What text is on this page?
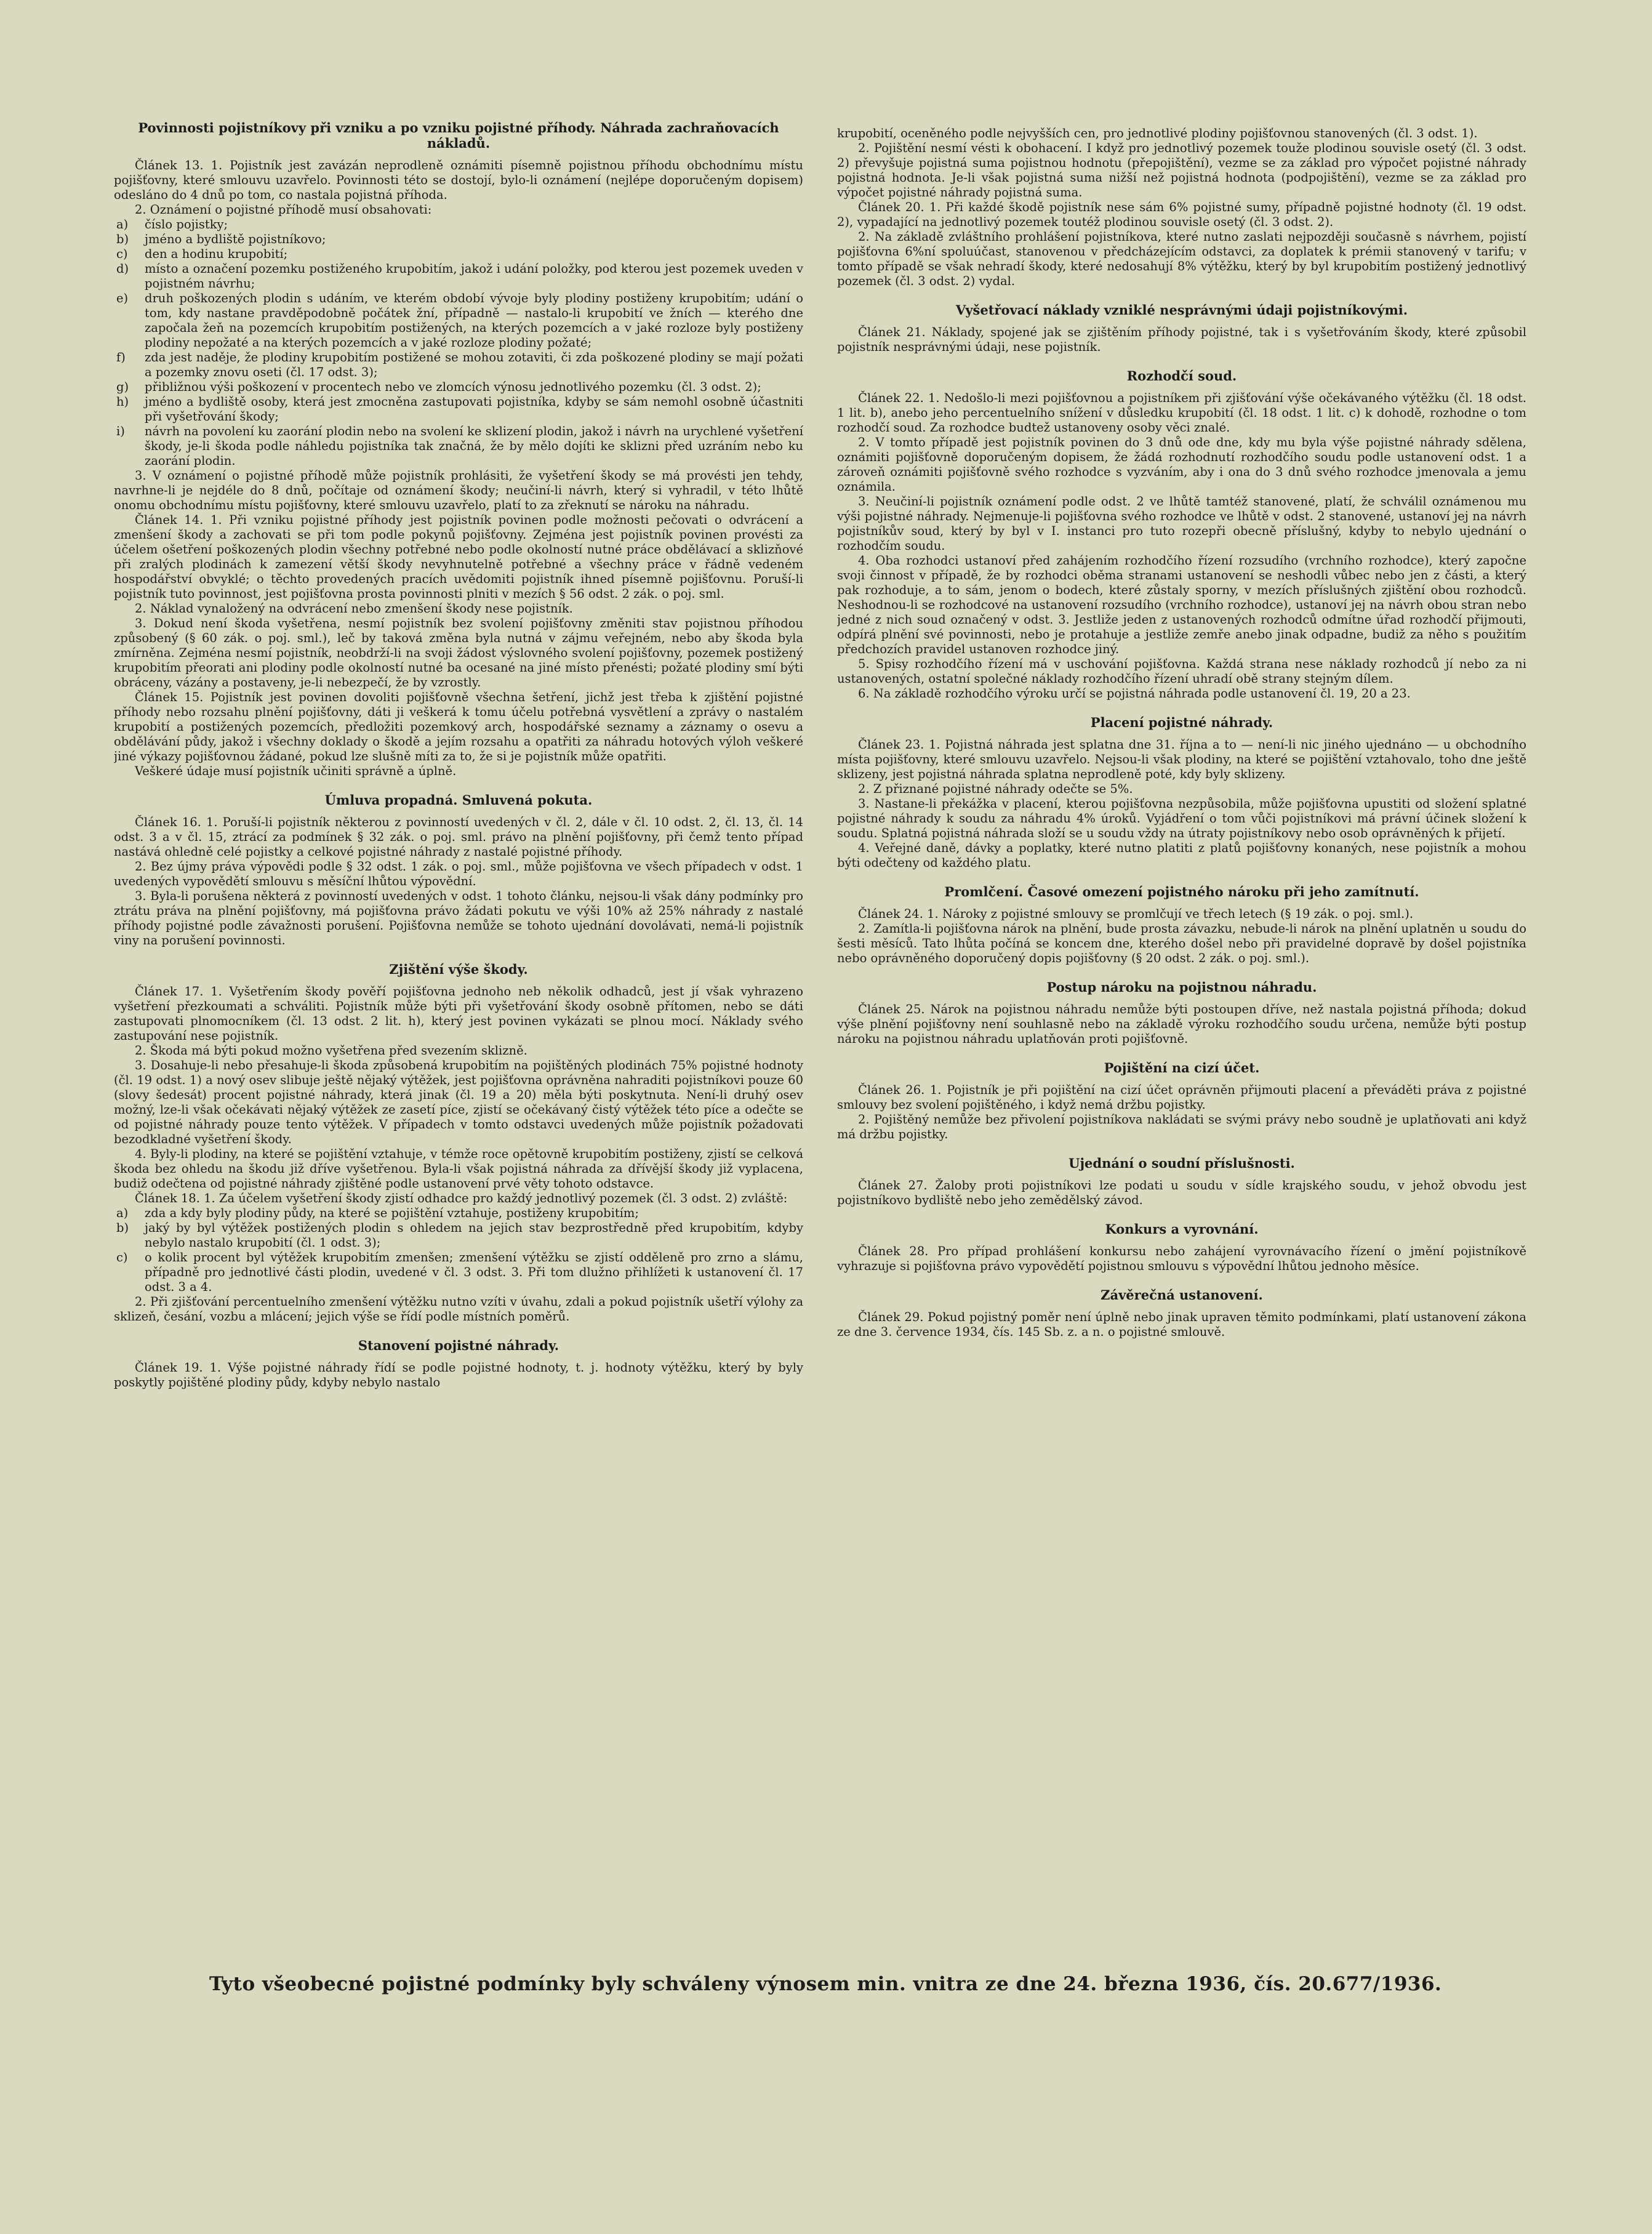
Povinnosti pojistníkovy při vzniku a po vzniku pojistné příhody. Náhrada zachraňovacích nákladů.

Článek 13. 1. Pojistník jest zavázán neprodleně oznámiti písemně pojistnou příhodu obchodnímu místu pojišťovny, které smlouvu uzavřelo. Povinnosti této se dostojí, bylo-li oznámení (nejlépe doporučeným dopisem) odesláno do 4 dnů po tom, co nastala pojistná příhoda.

2. Oznámení o pojistné příhodě musí obsahovati:

a) číslo pojistky;
b) jméno a bydliště pojistníkovo;
c) den a hodinu krupobití;
d) místo a označení pozemku postiženého krupobitím, jakož i udání položky, pod kterou jest pozemek uveden v pojistném návrhu;
e) druh poškozených plodin s udáním, ve kterém období vývoje byly plodiny postiženy krupobitím; udání o tom, kdy nastane pravděpodobně počátek žní, případně — nastalo-li krupobití ve žních — kterého dne započala žeň na pozemcích krupobitím postižených, na kterých pozemcích a v jaké rozloze byly postiženy plodiny nepožaté a na kterých pozemcích a v jaké rozloze plodiny požaté;
f) zda jest naděje, že plodiny krupobitím postižené se mohou zotaviti, či zda poškozené plodiny se mají požati a pozemky znovu oseti (čl. 17 odst. 3);
g) přibližnou výši poškození v procentech nebo ve zlomcích výnosu jednotlivého pozemku (čl. 3 odst. 2);
h) jméno a bydliště osoby, která jest zmocněna zastupovati pojistníka, kdyby se sám nemohl osobně účastniti při vyšetřování škody;
i) návrh na povolení ku zaorání plodin nebo na svolení ke sklizení plodin, jakož i návrh na urychlené vyšetření škody, je-li škoda podle náhledu pojistníka tak značná, že by mělo dojíti ke sklizni před uzráním nebo ku zaorání plodin.

3. V oznámení o pojistné příhodě může pojistník prohlásiti, že vyšetření škody se má provésti jen tehdy, navrhne-li je nejdéle do 8 dnů, počítaje od oznámení škody; neučiní-li návrh, který si vyhradil, v této lhůtě onomu obchodnímu místu pojišťovny, které smlouvu uzavřelo, platí to za zřeknutí se nároku na náhradu.

Článek 14. 1. Při vzniku pojistné příhody jest pojistník povinen podle možnosti pečovati o odvrácení a zmenšení škody a zachovati se při tom podle pokynů pojišťovny. Zejména jest pojistník povinen provésti za účelem ošetření poškozených plodin všechny potřebné nebo podle okolností nutné práce obdělávací a sklizňové při zralých plodinách k zamezení větší škody nevyhnutelně potřebné a všechny práce v řádně vedeném hospodářství obvyklé; o těchto provedených pracích uvědomiti pojistník ihned písemně pojišťovnu. Poruší-li pojistník tuto povinnost, jest pojišťovna prosta povinnosti plniti v mezích § 56 odst. 2 zák. o poj. sml.

2. Náklad vynaložený na odvrácení nebo zmenšení škody nese pojistník.

3. Dokud není škoda vyšetřena, nesmí pojistník bez svolení pojišťovny změniti stav pojistnou příhodou způsobený (§ 60 zák. o poj. sml.), leč by taková změna byla nutná v zájmu veřejném, nebo aby škoda byla zmírněna. Zejména nesmí pojistník, neobdrží-li na svoji žádost výslovného svolení pojišťovny, pozemek postižený krupobitím přeorati ani plodiny podle okolností nutné ba ocesané na jiné místo přenésti; požaté plodiny smí býti obráceny, vázány a postaveny, je-li nebezpečí, že by vzrostly.

Článek 15. Pojistník jest povinen dovoliti pojišťovně všechna šetření, jichž jest třeba k zjištění pojistné příhody nebo rozsahu plnění pojišťovny, dáti ji veškerá k tomu účelu potřebná vysvětlení a zprávy o nastalém krupobití a postižených pozemcích, předložiti pozemkový arch, hospodářské seznamy a záznamy o osevu a obdělávání půdy, jakož i všechny doklady o škodě a jejím rozsahu a opatřiti za náhradu hotových výloh veškeré jiné výkazy pojišťovnou žádané, pokud lze slušně míti za to, že si je pojistník může opatřiti.

Veškeré údaje musí pojistník učiniti správně a úplně.

Úmluva propadná. Smluvená pokuta.

Článek 16. 1. Poruší-li pojistník některou z povinností uvedených v čl. 2, dále v čl. 10 odst. 2, čl. 13, čl. 14 odst. 3 a v čl. 15, ztrácí za podmínek § 32 zák. o poj. sml. právo na plnění pojišťovny, při čemž tento případ nastává ohledně celé pojistky a celkové pojistné náhrady z nastalé pojistné příhody.

2. Bez újmy práva výpovědi podle § 32 odst. 1 zák. o poj. sml., může pojišťovna ve všech případech v odst. 1 uvedených vypovědětí smlouvu s měsíční lhůtou výpovědní.

3. Byla-li porušena některá z povinností uvedených v odst. 1 tohoto článku, nejsou-li však dány podmínky pro ztrátu práva na plnění pojišťovny, má pojišťovna právo žádati pokutu ve výši 10% až 25% náhrady z nastalé příhody pojistné podle závažnosti porušení. Pojišťovna nemůže se tohoto ujednání dovolávati, nemá-li pojistník viny na porušení povinnosti.

Zjištění výše škody.

Článek 17. 1. Vyšetřením škody pověří pojišťovna jednoho neb několik odhadců, jest jí však vyhrazeno vyšetření přezkoumati a schváliti. Pojistník může býti při vyšetřování škody osobně přítomen, nebo se dáti zastupovati plnomocníkem (čl. 13 odst. 2 lit. h), který jest povinen vykázati se plnou mocí. Náklady svého zastupování nese pojistník.

2. Škoda má býti pokud možno vyšetřena před svezením sklizně.

3. Dosahuje-li nebo přesahuje-li škoda způsobená krupobitím na pojištěných plodinách 75% pojistné hodnoty (čl. 19 odst. 1) a nový osev slibuje ještě nějaký výtěžek, jest pojišťovna oprávněna nahraditi pojistníkovi pouze 60 (slovy šedesát) procent pojistné náhrady, která jinak (čl. 19 a 20) měla býti poskytnuta. Není-li druhý osev možný, lze-li však očekávati nějaký výtěžek ze zasetí píce, zjistí se očekávaný čistý výtěžek této píce a odečte se od pojistné náhrady pouze tento výtěžek. V případech v tomto odstavci uvedených může pojistník požadovati bezodkladné vyšetření škody.

4. Byly-li plodiny, na které se pojištění vztahuje, v témže roce opětovně krupobitím postiženy, zjistí se celková škoda bez ohledu na škodu již dříve vyšetřenou. Byla-li však pojistná náhrada za dřívější škody již vyplacena, budiž odečtena od pojistné náhrady zjištěné podle ustanovení prvé věty tohoto odstavce.

Článek 18. 1. Za účelem vyšetření škody zjistí odhadce pro každý jednotlivý pozemek (čl. 3 odst. 2) zvláště:

a) zda a kdy byly plodiny půdy, na které se pojištění vztahuje, postiženy krupobitím;
b) jaký by byl výtěžek postižených plodin s ohledem na jejich stav bezprostředně před krupobitím, kdyby nebylo nastalo krupobití (čl. 1 odst. 3);
c) o kolik procent byl výtěžek krupobitím zmenšen; zmenšení výtěžku se zjistí odděleně pro zrno a slámu, případně pro jednotlivé části plodin, uvedené v čl. 3 odst. 3. Při tom dlužno přihlížeti k ustanovení čl. 17 odst. 3 a 4.

2. Při zjišťování percentuelního zmenšení výtěžku nutno vzíti v úvahu, zdali a pokud pojistník ušetří výlohy za sklizeň, česání, vozbu a mlácení; jejich výše se řídí podle místních poměrů.

Stanovení pojistné náhrady.

Článek 19. 1. Výše pojistné náhrady řídí se podle pojistné hodnoty, t. j. hodnoty výtěžku, který by byly poskytly pojištěné plodiny půdy, kdyby nebylo nastalo

krupobití, oceněného podle nejvyšších cen, pro jednotlivé plodiny pojišťovnou stanovených (čl. 3 odst. 1).

2. Pojištění nesmí vésti k obohacení. I když pro jednotlivý pozemek touže plodinou souvisle osetý (čl. 3 odst. 2) převyšuje pojistná suma pojistnou hodnotu (přepojištění), vezme se za základ pro výpočet pojistné náhrady pojistná hodnota. Je-li však pojistná suma nižší než pojistná hodnota (podpojištění), vezme se za základ pro výpočet pojistné náhrady pojistná suma.

Článek 20. 1. Při každé škodě pojistník nese sám 6% pojistné sumy, případně pojistné hodnoty (čl. 19 odst. 2), vypadající na jednotlivý pozemek toutéž plodinou souvisle osetý (čl. 3 odst. 2).

2. Na základě zvláštního prohlášení pojistníkova, které nutno zaslati nejpozději současně s návrhem, pojistí pojišťovna 6%ní spoluúčast, stanovenou v předcházejícím odstavci, za doplatek k prémii stanovený v tarifu; v tomto případě se však nehradí škody, které nedosahují 8% výtěžku, který by byl krupobitím postižený jednotlivý pozemek (čl. 3 odst. 2) vydal.

Vyšetřovací náklady vzniklé nesprávnými údaji pojistníkovými.

Článek 21. Náklady, spojené jak se zjištěním příhody pojistné, tak i s vyšetřováním škody, které způsobil pojistník nesprávnými údaji, nese pojistník.

Rozhodčí soud.

Článek 22. 1. Nedošlo-li mezi pojišťovnou a pojistníkem při zjišťování výše očekávaného výtěžku (čl. 18 odst. 1 lit. b), anebo jeho percentuelního snížení v důsledku krupobití (čl. 18 odst. 1 lit. c) k dohodě, rozhodne o tom rozhodčí soud. Za rozhodce budtež ustanoveny osoby věci znalé.

2. V tomto případě jest pojistník povinen do 3 dnů ode dne, kdy mu byla výše pojistné náhrady sdělena, oznámiti pojišťovně doporučeným dopisem, že žádá rozhodnutí rozhodčího soudu podle ustanovení odst. 1 a zároveň oznámiti pojišťovně svého rozhodce s vyzváním, aby i ona do 3 dnů svého rozhodce jmenovala a jemu oznámila.

3. Neučiní-li pojistník oznámení podle odst. 2 ve lhůtě tamtéž stanovené, platí, že schválil oznámenou mu výši pojistné náhrady. Nejmenuje-li pojišťovna svého rozhodce ve lhůtě v odst. 2 stanovené, ustanoví jej na návrh pojistníkův soud, který by byl v I. instanci pro tuto rozepři obecně příslušný, kdyby to nebylo ujednání o rozhodčím soudu.

4. Oba rozhodci ustanoví před zahájením rozhodčího řízení rozsudího (vrchního rozhodce), který započne svoji činnost v případě, že by rozhodci oběma stranami ustanovení se neshodli vůbec nebo jen z části, a který pak rozhoduje, a to sám, jenom o bodech, které zůstaly sporny, v mezích příslušných zjištění obou rozhodců. Neshodnou-li se rozhodcové na ustanovení rozsudího (vrchního rozhodce), ustanoví jej na návrh obou stran nebo jedné z nich soud označený v odst. 3. Jestliže jeden z ustanovených rozhodců odmítne úřad rozhodčí přijmouti, odpírá plnění své povinnosti, nebo je protahuje a jestliže zemře anebo jinak odpadne, budiž za něho s použitím předchozích pravidel ustanoven rozhodce jiný.

5. Spisy rozhodčího řízení má v uschování pojišťovna. Každá strana nese náklady rozhodců jí nebo za ni ustanovených, ostatní společné náklady rozhodčího řízení uhradí obě strany stejným dílem.

6. Na základě rozhodčího výroku určí se pojistná náhrada podle ustanovení čl. 19, 20 a 23.

Placení pojistné náhrady.

Článek 23. 1. Pojistná náhrada jest splatna dne 31. října a to — není-li nic jiného ujednáno — u obchodního místa pojišťovny, které smlouvu uzavřelo. Nejsou-li však plodiny, na které se pojištění vztahovalo, toho dne ještě sklizeny, jest pojistná náhrada splatna neprodleně poté, kdy byly sklizeny.

2. Z přiznané pojistné náhrady odečte se 5%.

3. Nastane-li překážka v placení, kterou pojišťovna nezpůsobila, může pojišťovna upustiti od složení splatné pojistné náhrady k soudu za náhradu 4% úroků. Vyjádření o tom vůči pojistníkovi má právní účinek složení k soudu. Splatná pojistná náhrada složí se u soudu vždy na útraty pojistníkovy nebo osob oprávněných k přijetí.

4. Veřejné daně, dávky a poplatky, které nutno platiti z platů pojišťovny konaných, nese pojistník a mohou býti odečteny od každého platu.

Promlčení. Časové omezení pojistného nároku při jeho zamítnutí.

Článek 24. 1. Nároky z pojistné smlouvy se promlčují ve třech letech (§ 19 zák. o poj. sml.).

2. Zamítla-li pojišťovna nárok na plnění, bude prosta závazku, nebude-li nárok na plnění uplatněn u soudu do šesti měsíců. Tato lhůta počíná se koncem dne, kterého došel nebo při pravidelné dopravě by došel pojistníka nebo oprávněného doporučený dopis pojišťovny (§ 20 odst. 2 zák. o poj. sml.).

Postup nároku na pojistnou náhradu.

Článek 25. Nárok na pojistnou náhradu nemůže býti postoupen dříve, než nastala pojistná příhoda; dokud výše plnění pojišťovny není souhlasně nebo na základě výroku rozhodčího soudu určena, nemůže býti postup nároku na pojistnou náhradu uplatňován proti pojišťovně.

Pojištění na cizí účet.

Článek 26. 1. Pojistník je při pojištění na cizí účet oprávněn přijmouti placení a převáděti práva z pojistné smlouvy bez svolení pojištěného, i když nemá držbu pojistky.

2. Pojištěný nemůže bez přivolení pojistníkova nakládati se svými právy nebo soudně je uplatňovati ani když má držbu pojistky.

Ujednání o soudní příslušnosti.

Článek 27. Žaloby proti pojistníkovi lze podati u soudu v sídle krajského soudu, v jehož obvodu jest pojistníkovo bydliště nebo jeho zemědělský závod.

Konkurs a vyrovnání.

Článek 28. Pro případ prohlášení konkursu nebo zahájení vyrovnávacího řízení o jmění pojistníkově vyhrazuje si pojišťovna právo vypovědětí pojistnou smlouvu s výpovědní lhůtou jednoho měsíce.

Závěrečná ustanovení.

Článek 29. Pokud pojistný poměr není úplně nebo jinak upraven těmito podmínkami, platí ustanovení zákona ze dne 3. července 1934, čís. 145 Sb. z. a n. o pojistné smlouvě.

Tyto všeobecné pojistné podmínky byly schváleny výnosem min. vnitra ze dne 24. března 1936, čís. 20.677/1936.
